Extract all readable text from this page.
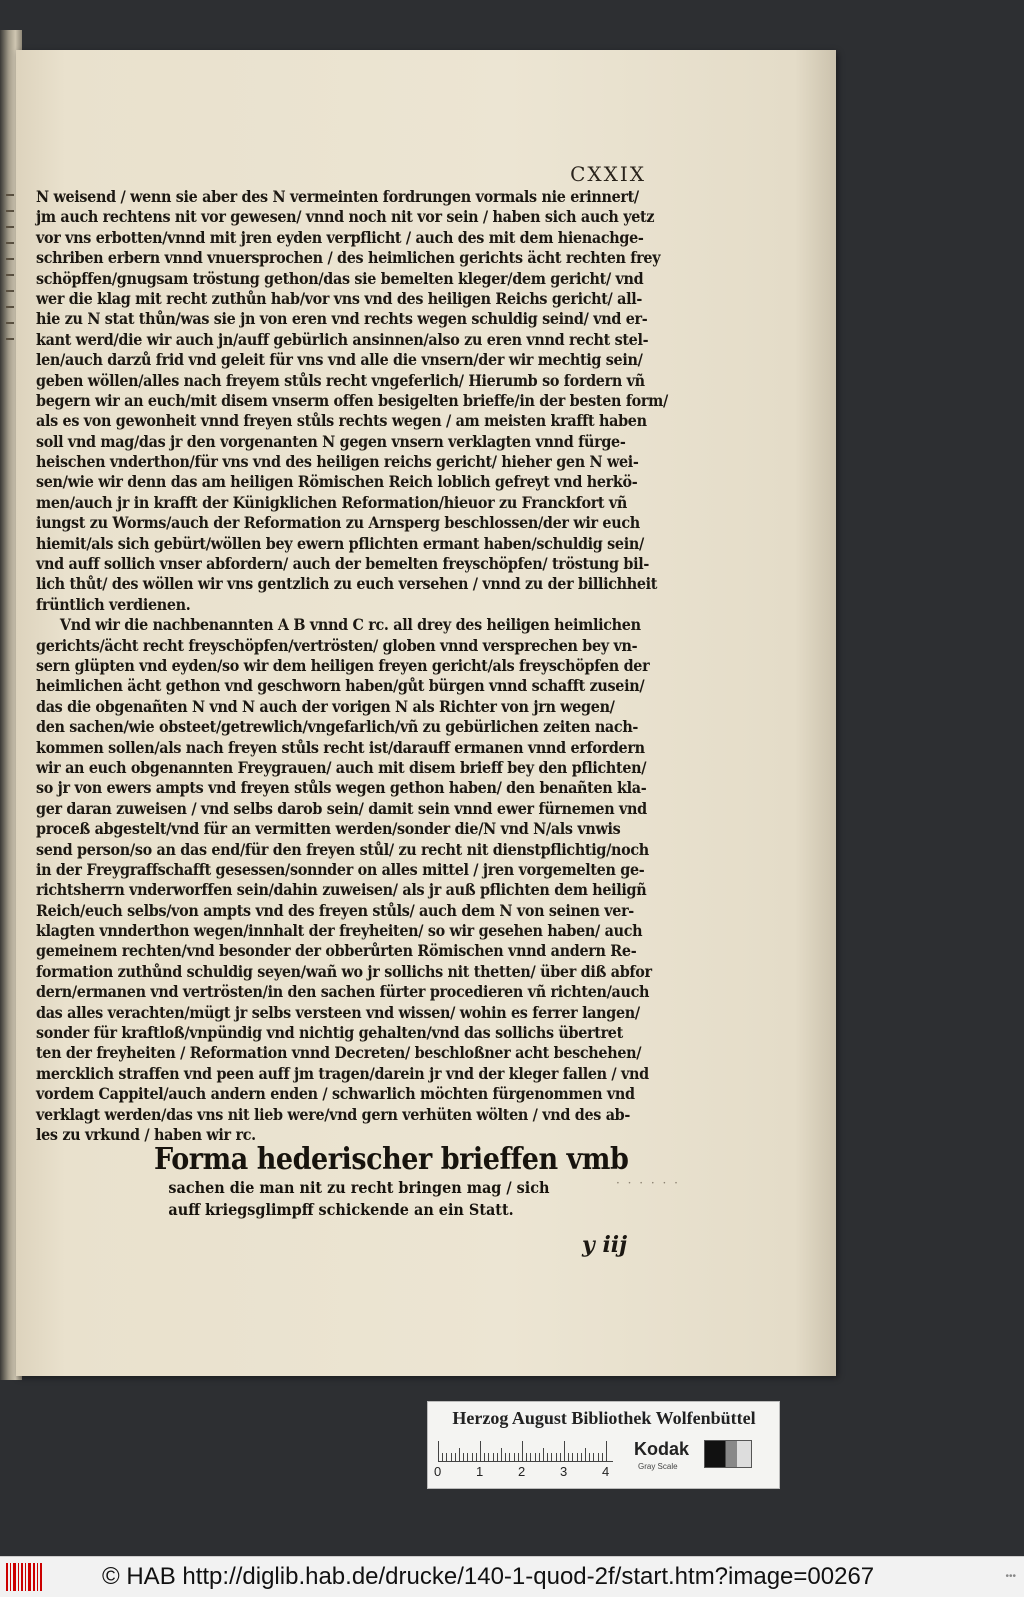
CXXIX
N weisend / wenn sie aber des N vermeinten fordrungen vormals nie erinnert/
jm auch rechtens nit vor gewesen/ vnnd noch nit vor sein / haben sich auch yetz
vor vns erbotten/vnnd mit jren eyden verpflicht / auch des mit dem hienachge-
schriben erbern vnnd vnuersprochen / des heimlichen gerichts ächt rechten frey
schöpffen/gnugsam tröstung gethon/das sie bemelten kleger/dem gericht/ vnd
wer die klag mit recht zuthůn hab/vor vns vnd des heiligen Reichs gericht/ all-
hie zu N stat thůn/was sie jn von eren vnd rechts wegen schuldig seind/ vnd er-
kant werd/die wir auch jn/auff gebürlich ansinnen/also zu eren vnnd recht stel-
len/auch darzů frid vnd geleit für vns vnd alle die vnsern/der wir mechtig sein/
geben wöllen/alles nach freyem stůls recht vngeferlich/ Hierumb so fordern vñ
begern wir an euch/mit disem vnserm offen besigelten brieffe/in der besten form/
als es von gewonheit vnnd freyen stůls rechts wegen / am meisten krafft haben
soll vnd mag/das jr den vorgenanten N gegen vnsern verklagten vnnd fürge-
heischen vnderthon/für vns vnd des heiligen reichs gericht/ hieher gen N wei-
sen/wie wir denn das am heiligen Römischen Reich loblich gefreyt vnd herkö-
men/auch jr in krafft der Künigklichen Reformation/hieuor zu Franckfort vñ
iungst zu Worms/auch der Reformation zu Arnsperg beschlossen/der wir euch
hiemit/als sich gebürt/wöllen bey ewern pflichten ermant haben/schuldig sein/
vnd auff sollich vnser abfordern/ auch der bemelten freyschöpfen/ tröstung bil-
lich thůt/ des wöllen wir vns gentzlich zu euch versehen / vnnd zu der billichheit
früntlich verdienen.
Vnd wir die nachbenannten A B vnnd C rc. all drey des heiligen heimlichen
gerichts/ächt recht freyschöpfen/vertrösten/ globen vnnd versprechen bey vn-
sern glüpten vnd eyden/so wir dem heiligen freyen gericht/als freyschöpfen der
heimlichen ächt gethon vnd geschworn haben/gůt bürgen vnnd schafft zusein/
das die obgenañten N vnd N auch der vorigen N als Richter von jrn wegen/
den sachen/wie obsteet/getrewlich/vngefarlich/vñ zu gebürlichen zeiten nach-
kommen sollen/als nach freyen stůls recht ist/darauff ermanen vnnd erfordern
wir an euch obgenannten Freygrauen/ auch mit disem brieff bey den pflichten/
so jr von ewers ampts vnd freyen stůls wegen gethon haben/ den benañten kla-
ger daran zuweisen / vnd selbs darob sein/ damit sein vnnd ewer fürnemen vnd
proceß abgestelt/vnd für an vermitten werden/sonder die/N vnd N/als vnwis
send person/so an das end/für den freyen stůl/ zu recht nit dienstpflichtig/noch
in der Freygraffschafft gesessen/sonnder on alles mittel / jren vorgemelten ge-
richtsherrn vnderworffen sein/dahin zuweisen/ als jr auß pflichten dem heiligñ
Reich/euch selbs/von ampts vnd des freyen stůls/ auch dem N von seinen ver-
klagten vnnderthon wegen/innhalt der freyheiten/ so wir gesehen haben/ auch
gemeinem rechten/vnd besonder der obberůrten Römischen vnnd andern Re-
formation zuthůnd schuldig seyen/wañ wo jr sollichs nit thetten/ über diß abfor
dern/ermanen vnd vertrösten/in den sachen fürter procedieren vñ richten/auch
das alles verachten/mügt jr selbs versteen vnd wissen/ wohin es ferrer langen/
sonder für kraftloß/vnpündig vnd nichtig gehalten/vnd das sollichs übertret
ten der freyheiten / Reformation vnnd Decreten/ beschloßner acht beschehen/
mercklich straffen vnd peen auff jm tragen/darein jr vnd der kleger fallen / vnd
vordem Cappitel/auch andern enden / schwarlich möchten fürgenommen vnd
verklagt werden/das vns nit lieb were/vnd gern verhüten wölten / vnd des ab-
les zu vrkund / haben wir rc.
Forma hederischer brieffen vmb
sachen die man nit zu recht bringen mag / sich
auff kriegsglimpff schickende an ein Statt.
· · · · · ·
y iij
Herzog August Bibliothek Wolfenbüttel
0	1	2	3	4
Kodak
Gray Scale
© HAB http://diglib.hab.de/drucke/140-1-quod-2f/start.htm?image=00267	•••
